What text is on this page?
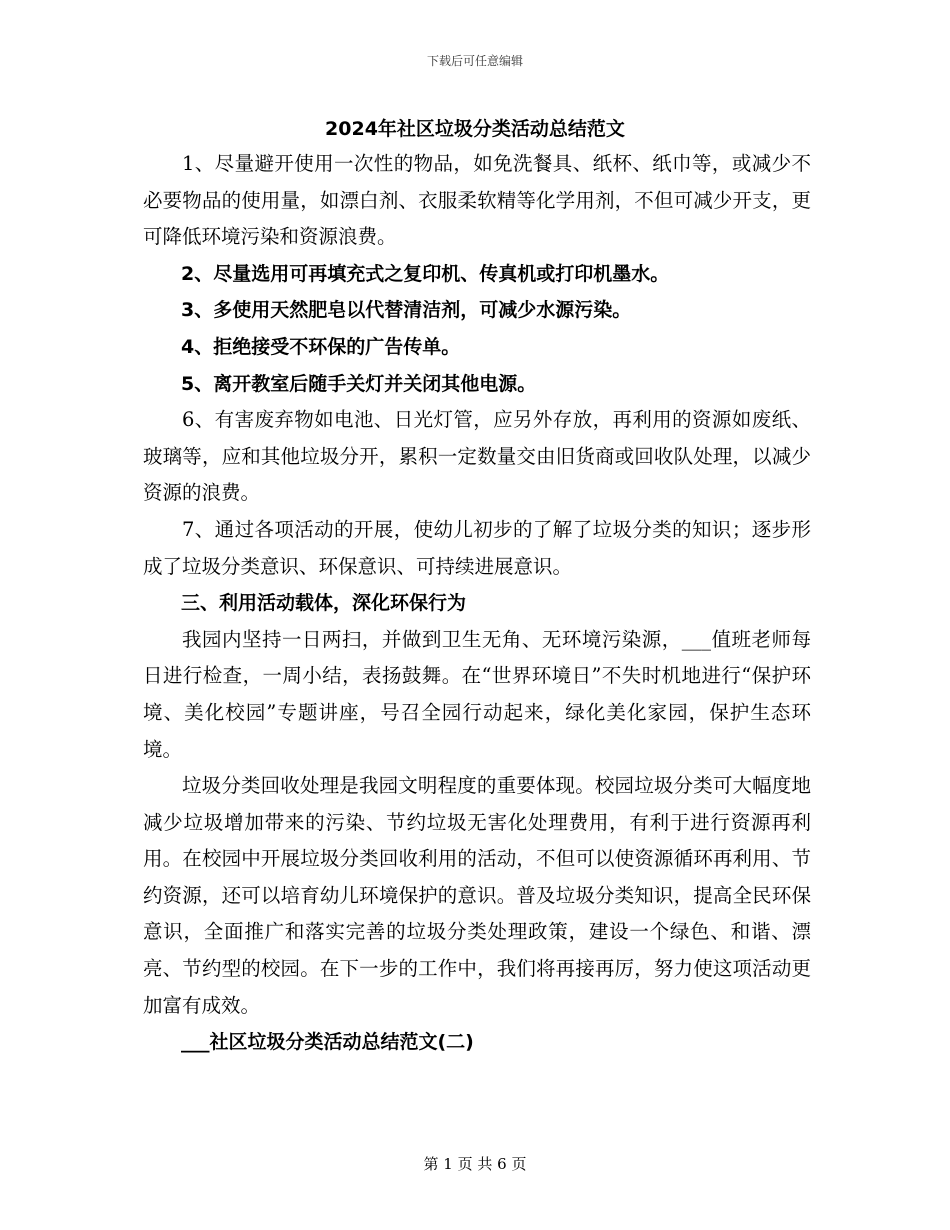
下载后可任意编辑
2024年社区垃圾分类活动总结范文

1、尽量避开使用一次性的物品，如免洗餐具、纸杯、纸巾等，或减少不必要物品的使用量，如漂白剂、衣服柔软精等化学用剂，不但可减少开支，更可降低环境污染和资源浪费。

2、尽量选用可再填充式之复印机、传真机或打印机墨水。

3、多使用天然肥皂以代替清洁剂，可减少水源污染。

4、拒绝接受不环保的广告传单。

5、离开教室后随手关灯并关闭其他电源。

6、有害废弃物如电池、日光灯管，应另外存放，再利用的资源如废纸、玻璃等，应和其他垃圾分开，累积一定数量交由旧货商或回收队处理，以减少资源的浪费。

7、通过各项活动的开展，使幼儿初步的了解了垃圾分类的知识；逐步形成了垃圾分类意识、环保意识、可持续进展意识。

三、利用活动载体，深化环保行为

我园内坚持一日两扫，并做到卫生无角、无环境污染源，___值班老师每日进行检查，一周小结，表扬鼓舞。在“世界环境日”不失时机地进行“保护环境、美化校园”专题讲座，号召全园行动起来，绿化美化家园，保护生态环境。

垃圾分类回收处理是我园文明程度的重要体现。校园垃圾分类可大幅度地减少垃圾增加带来的污染、节约垃圾无害化处理费用，有利于进行资源再利用。在校园中开展垃圾分类回收利用的活动，不但可以使资源循环再利用、节约资源，还可以培育幼儿环境保护的意识。普及垃圾分类知识，提高全民环保意识，全面推广和落实完善的垃圾分类处理政策，建设一个绿色、和谐、漂亮、节约型的校园。在下一步的工作中，我们将再接再厉，努力使这项活动更加富有成效。

___社区垃圾分类活动总结范文(二)

第 1 页 共 6 页
